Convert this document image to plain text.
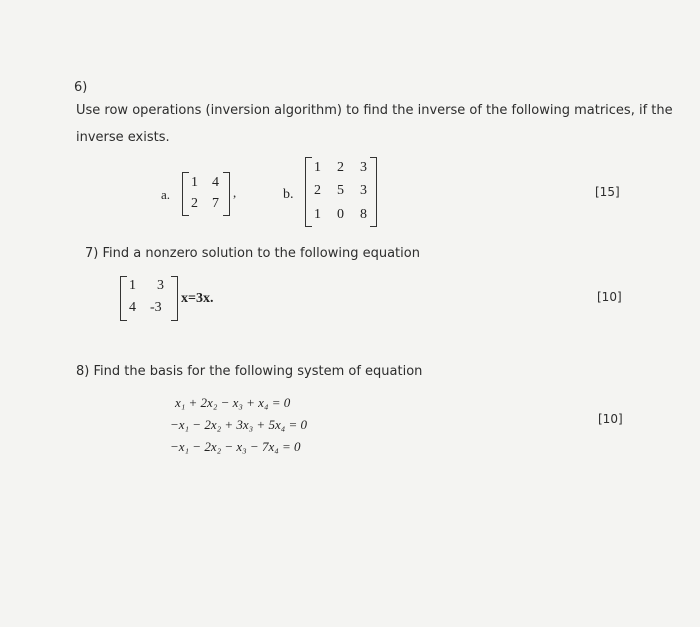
6)
Use row operations (inversion algorithm) to find the inverse of the following matrices, if the
inverse exists.
a.
1 4
2 7
,	b.
1 2 3
2 5 3
1 0 8
[15]
7) Find a nonzero solution to the following equation
1 3
4 -3
x=3x.	[10]
8) Find the basis for the following system of equation
x₁ + 2x₂ − x₃ + x₄ = 0
−x₁ − 2x₂ + 3x₃ + 5x₄ = 0
−x₁ − 2x₂ − x₃ − 7x₄ = 0
[10]
